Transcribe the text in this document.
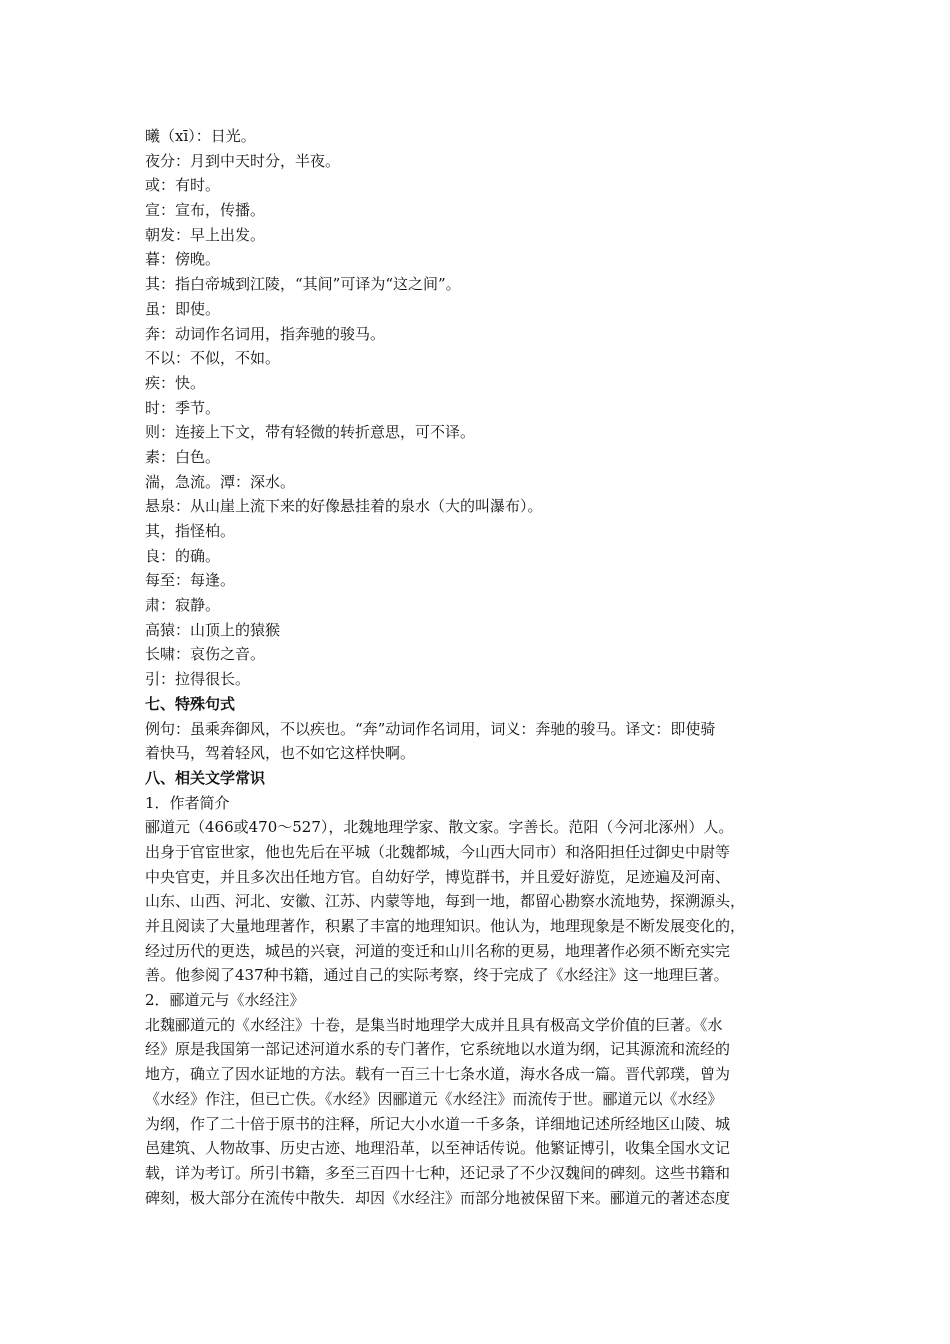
曦（xī）：日光。
夜分：月到中天时分，半夜。
或：有时。
宣：宣布，传播。
朝发：早上出发。
暮：傍晚。
其：指白帝城到江陵，“其间”可译为“这之间”。
虽：即使。
奔：动词作名词用，指奔驰的骏马。
不以：不似，不如。
疾：快。
时：季节。
则：连接上下文，带有轻微的转折意思，可不译。
素：白色。
湍，急流。潭：深水。
悬泉：从山崖上流下来的好像悬挂着的泉水（大的叫瀑布）。
其，指怪柏。
良：的确。
每至：每逢。
肃：寂静。
高猿：山顶上的猿猴
长啸：哀伤之音。
引：拉得很长。
七、特殊句式
例句：虽乘奔御风，不以疾也。“奔”动词作名词用，词义：奔驰的骏马。译文：即使骑
着快马，驾着轻风，也不如它这样快啊。
八、相关文学常识
1．作者简介
郦道元（466或470～527），北魏地理学家、散文家。字善长。范阳（今河北涿州）人。
出身于官宦世家，他也先后在平城（北魏都城，今山西大同市）和洛阳担任过御史中尉等
中央官吏，并且多次出任地方官。自幼好学，博览群书，并且爱好游览，足迹遍及河南、
山东、山西、河北、安徽、江苏、内蒙等地，每到一地，都留心勘察水流地势，探溯源头，
并且阅读了大量地理著作，积累了丰富的地理知识。他认为，地理现象是不断发展变化的，
经过历代的更迭，城邑的兴衰，河道的变迁和山川名称的更易，地理著作必须不断充实完
善。他参阅了437种书籍，通过自己的实际考察，终于完成了《水经注》这一地理巨著。
2．郦道元与《水经注》
北魏郦道元的《水经注》十卷，是集当时地理学大成并且具有极高文学价值的巨著。《水
经》原是我国第一部记述河道水系的专门著作，它系统地以水道为纲，记其源流和流经的
地方，确立了因水证地的方法。载有一百三十七条水道，海水各成一篇。晋代郭璞，曾为
《水经》作注，但已亡佚。《水经》因郦道元《水经注》而流传于世。郦道元以《水经》
为纲，作了二十倍于原书的注释，所记大小水道一千多条，详细地记述所经地区山陵、城
邑建筑、人物故事、历史古迹、地理沿革，以至神话传说。他繁证博引，收集全国水文记
载，详为考订。所引书籍，多至三百四十七种，还记录了不少汉魏间的碑刻。这些书籍和
碑刻，极大部分在流传中散失．却因《水经注》而部分地被保留下来。郦道元的著述态度
